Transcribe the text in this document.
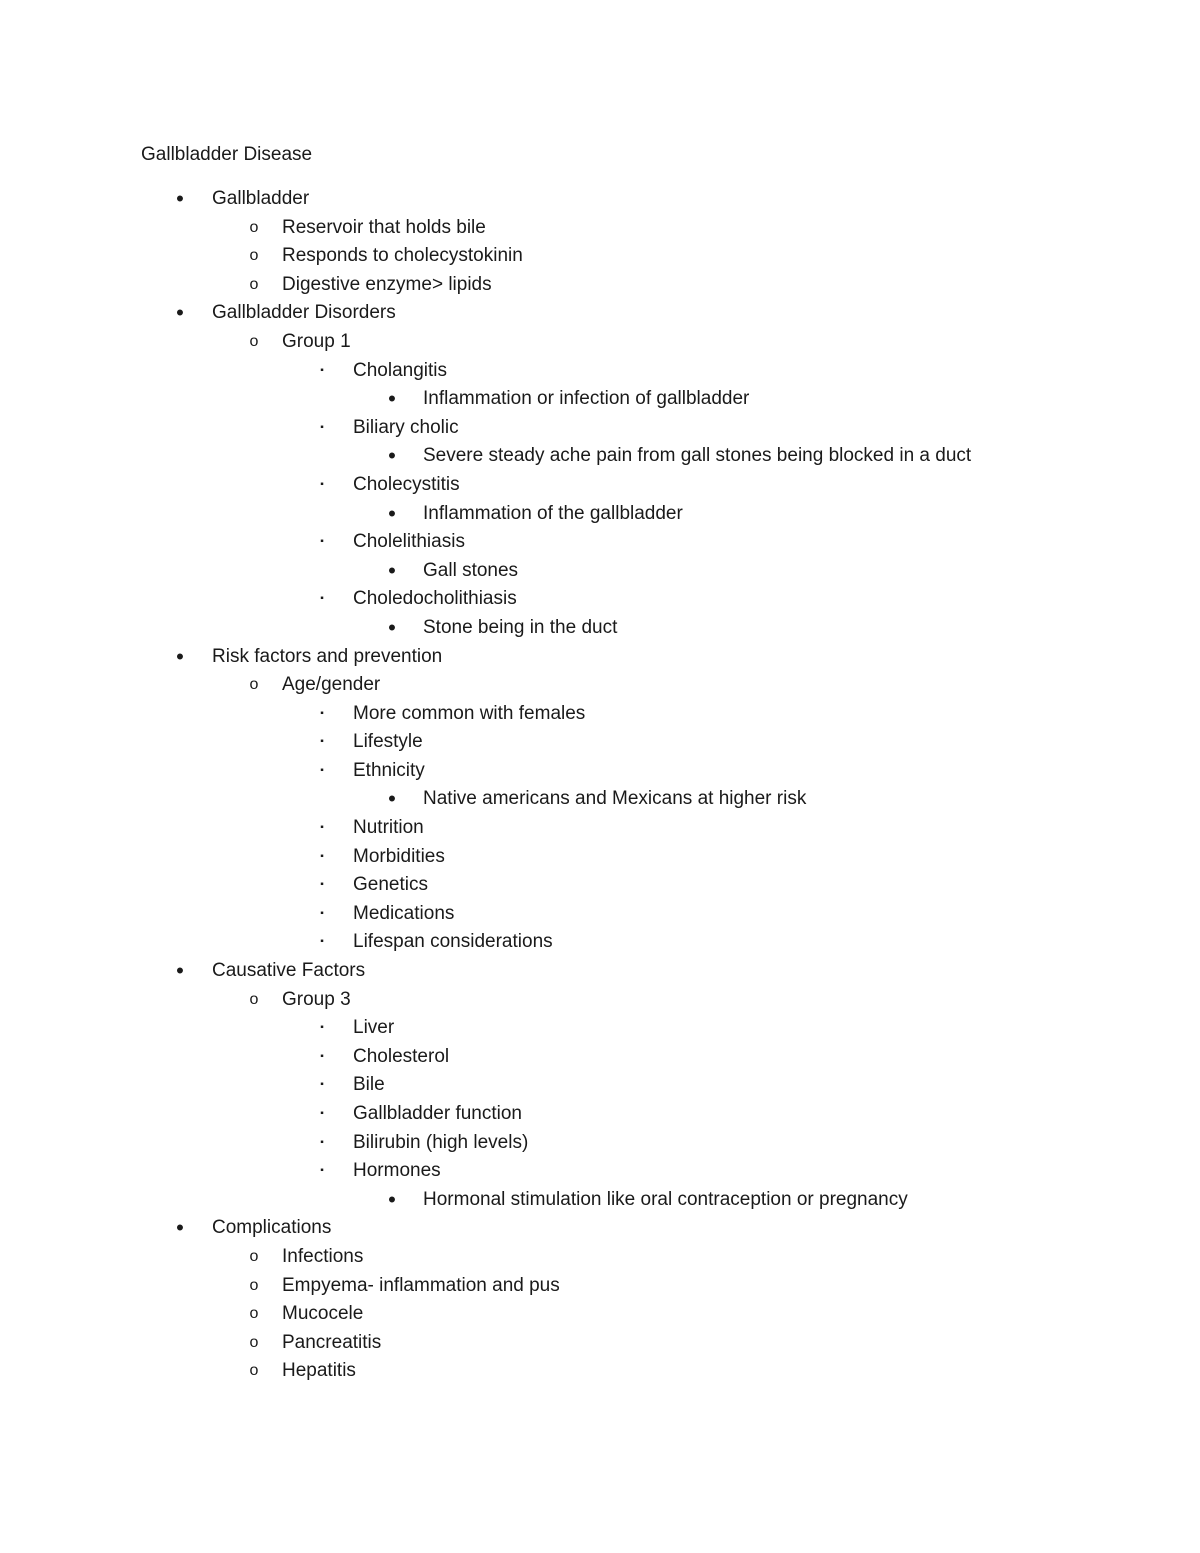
Gallbladder Disease
•	Gallbladder
o Reservoir that holds bile
o Responds to cholecystokinin
o Digestive enzyme> lipids
•	Gallbladder Disorders
o Group 1
▪	Cholangitis
•	Inflammation or infection of gallbladder
▪	Biliary cholic
•	Severe steady ache pain from gall stones being blocked in a duct
▪	Cholecystitis
•	Inflammation of the gallbladder
▪	Cholelithiasis
•	Gall stones
▪	Choledocholithiasis
•	Stone being in the duct
•	Risk factors and prevention
o Age/gender
▪	More common with females
▪	Lifestyle
▪	Ethnicity
•	Native americans and Mexicans at higher risk
▪	Nutrition
▪	Morbidities
▪	Genetics
▪	Medications
▪	Lifespan considerations
•	Causative Factors
o Group 3
▪	Liver
▪	Cholesterol
▪	Bile
▪	Gallbladder function
▪	Bilirubin (high levels)
▪	Hormones
•	Hormonal stimulation like oral contraception or pregnancy
•	Complications
o Infections
o Empyema- inflammation and pus
o Mucocele
o Pancreatitis
o Hepatitis
